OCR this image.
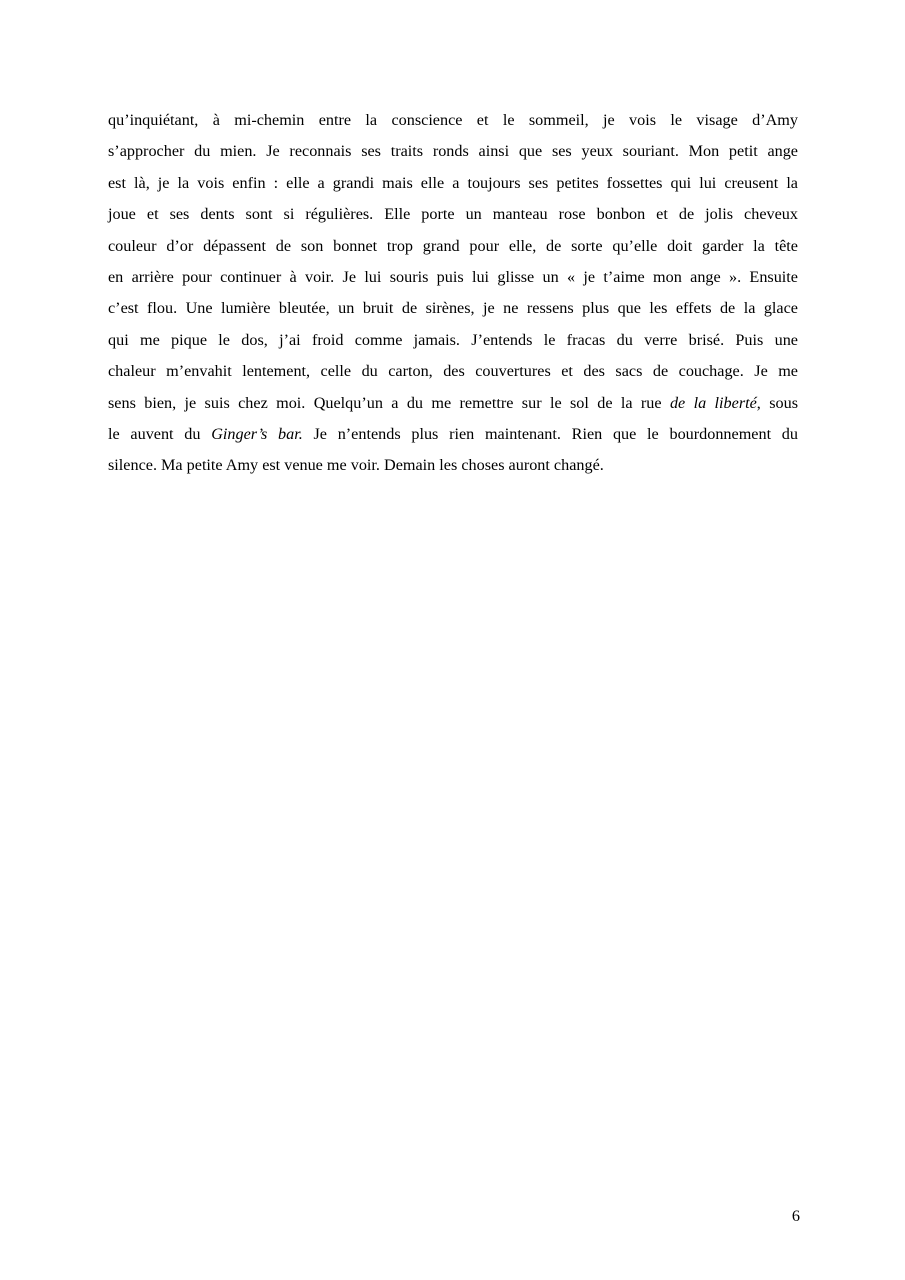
qu’inquiétant, à mi-chemin entre la conscience et le sommeil, je vois le visage d’Amy
s’approcher du mien. Je reconnais ses traits ronds ainsi que ses yeux souriant. Mon petit ange
est là, je la vois enfin : elle a grandi mais elle a toujours ses petites fossettes qui lui creusent la
joue et ses dents sont si régulières. Elle porte un manteau rose bonbon et de jolis cheveux
couleur d’or dépassent de son bonnet trop grand pour elle, de sorte qu’elle doit garder la tête
en arrière pour continuer à voir. Je lui souris puis lui glisse un « je t’aime mon ange ». Ensuite
c’est flou. Une lumière bleutée, un bruit de sirènes, je ne ressens plus que les effets de la glace
qui me pique le dos, j’ai froid comme jamais. J’entends le fracas du verre brisé. Puis une
chaleur m’envahit lentement, celle du carton, des couvertures et des sacs de couchage. Je me
sens bien, je suis chez moi. Quelqu’un a du me remettre sur le sol de la rue de la liberté, sous
le auvent du Ginger’s bar. Je n’entends plus rien maintenant. Rien que le bourdonnement du
silence. Ma petite Amy est venue me voir. Demain les choses auront changé.
6
